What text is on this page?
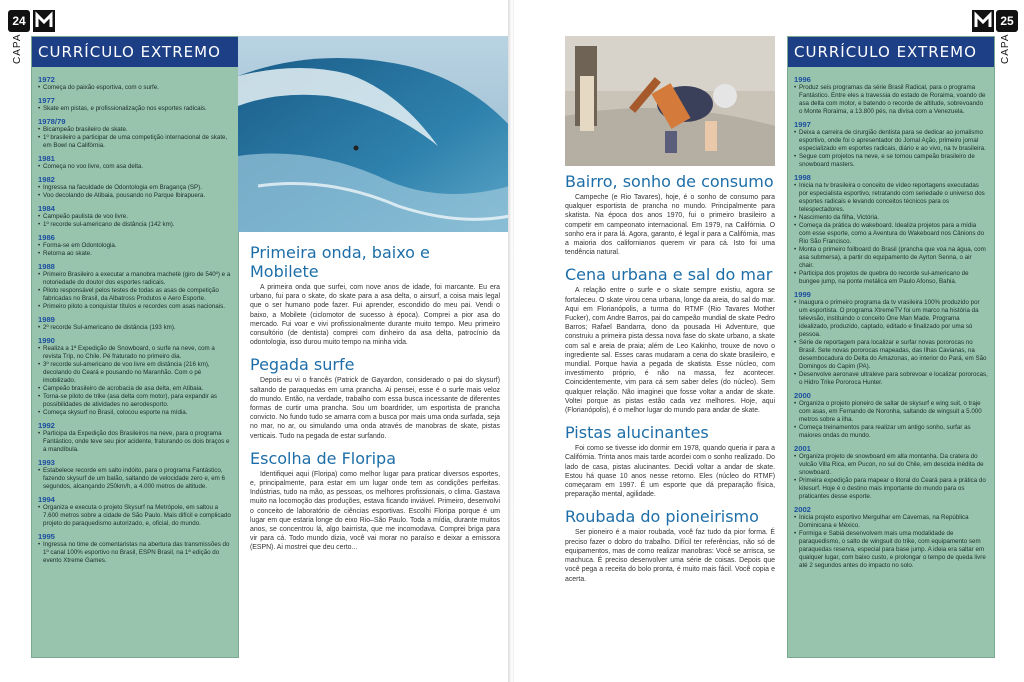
24
CAPA	CURRÍCULO EXTREMO
1972
• Começa do paixão esportiva, com o surfe.
1977
• Skate em pistas, e profissionalização nos esportes radicais.
1978/79
• Bicampeão brasileiro de skate.
• 1º brasileiro a participar de uma competição internacional de skate, em Bowl na Califórnia.
1981
• Começa no voo livre, com asa delta.
1982
• Ingressa na faculdade de Odontologia em Bragança (SP).
• Voo decolando de Atibaia, pousando no Parque Ibirapuera.
1984
• Campeão paulista de voo livre.
• 1º recorde sul-americano de distância (142 km).
1986
• Forma-se em Odontologia.
• Retorna ao skate.
1988
• Primeiro Brasileiro a executar a manobra machetè (giro de 540º) e a notoriedade do doutor dos esportes radicais.
• Piloto responsável pelos testes de todas as asas de competição fabricadas no Brasil, da Albatross Produtos e Aero Esporte.
• Primeiro piloto a conquistar títulos e recordes com asas nacionais.
1989
• 2º recorde Sul-americano de distância (193 km).
1990
• Realiza a 1ª Expedição de Snowboard, o surfe na neve, com a revista Trip, no Chile. Pé fraturado no primeiro dia.
• 3º recorde sul-americano de voo livre em distância (216 km), decolando do Ceará e pousando no Maranhão. Com o pé imobilizado.
• Campeão brasileiro de acrobacia de asa delta, em Atibaia.
• Torna-se piloto de trike (asa delta com motor), para expandir as possibilidades de atividades no aerodesporto.
• Começa skysurf no Brasil, colocou esporte na mídia.
1992
• Participa da Expedição dos Brasileiros na neve, para o programa Fantástico, onde teve seu pior acidente, fraturando os dois braços e a mandíbula.
1993
• Estabelece recorde em salto indóito, para o programa Fantástico, fazendo skysurf de um balão, saltando de velocidade zero e, em 6 segundos, alcançando 250km/h, a 4.000 metros de altitude.
1994
• Organiza e executa o projeto Skysurf na Metrópole, em saltou a 7.600 metros sobre a cidade de São Paulo. Mais difícil e complicado projeto do paraquedismo autorizado, e, oficial, do mundo.
1995
• Ingressa no time de comentaristas na abertura das transmissões do 1º canal 100% esportivo no Brasil, ESPN Brasil, na 1ª edição do evento Xtreme Games.
Primeira onda, baixo e Mobilete

A primeira onda que surfei, com nove anos de idade, foi marcante. Eu era urbano, fui para o skate, do skate para a asa delta, o airsurf, a coisa mais legal que o ser humano pode fazer. Fui aprender, escondido do meu pai. Vendi o baixo, a Mobilete (ciclomotor de sucesso à época). Comprei a pior asa do mercado. Fui voar e vivi profissionalmente durante muito tempo. Meu primeiro consultório (de dentista) comprei com dinheiro da asa delta, patrocínio da odontologia, isso durou muito tempo na minha vida.

Pegada surfe

Depois eu vi o francês (Patrick de Gayardon, considerado o pai do skysurf) saltando de paraquedas em uma prancha. Ai pensei, esse é o surfe mais veloz do mundo. Então, na verdade, trabalho com essa busca incessante de diferentes formas de curtir uma prancha. Sou um boardrider, um esportista de prancha convicto. No fundo tudo se amarra com a busca por mais uma onda surfada, seja no mar, no ar, ou simulando uma onda através de manobras de skate, pistas verticais. Tudo na pegada de estar surfando.

Escolha de Floripa

Identifiquei aqui (Floripa) como melhor lugar para praticar diversos esportes, e, principalmente, para estar em um lugar onde tem as condições perfeitas. Indústrias, tudo na mão, as pessoas, os melhores profissionais, o clima. Gastava muito na locomoção das produções, estava ficando inviável. Primeiro, desenvolvi o conceito de laboratório de ciências esportivas. Escolhi Floripa porque é um lugar em que estaria longe do eixo Rio–São Paulo. Toda a mídia, durante muitos anos, se concentrou lá, algo bairrista, que me incomodava. Comprei briga para vir para cá. Todo mundo dizia, você vai morar no paraíso e deixar a emissora (ESPN). Ai mostrei que deu certo...

Bairro, sonho de consumo

Campeche (e Rio Tavares), hoje, é o sonho de consumo para qualquer esportista de prancha no mundo. Principalmente para skatista. Na época dos anos 1970, fui o primeiro brasileiro a competir em campeonato internacional. Em 1979, na Califórnia. O sonho era ir para lá. Agora, garanto, é legal ir para a Califórnia, mas a maioria dos californianos querem vir para cá. Isto foi uma tendência natural.

Cena urbana e sal do mar

A relação entre o surfe e o skate sempre existiu, agora se fortaleceu. O skate virou cena urbana, longe da areia, do sal do mar. Aqui em Florianópolis, a turma do RTMF (Rio Tavares Mother Fucker), com Andre Barros, pai do campeão mundial de skate Pedro Barros; Rafael Bandarra, dono da pousada Hi Adventure, que construiu a primeira pista dessa nova fase do skate urbano, a skate com sal e areia de praia; além de Leo Kakinho, trouxe de novo o ingrediente sal. Esses caras mudaram a cena do skate brasileiro, e mundial. Porque havia a pegada de skatista. Esse núcleo, com investimento próprio, é não na massa, fez acontecer. Coincidentemente, vim para cá sem saber deles (do núcleo). Sem qualquer relação. Não imaginei que fosse voltar a andar de skate. Voltei porque as pistas estão cada vez melhores. Hoje, aqui (Florianópolis), é o melhor lugar do mundo para andar de skate.

Pistas alucinantes

Foi como se tivesse ido dormir em 1978, quando queria ir para a Califórnia. Trinta anos mais tarde acordei com o sonho realizado. Do lado de casa, pistas alucinantes. Decidi voltar a andar de skate. Estou há quase 10 anos nesse retorno. Eles (núcleo do RTMF) começaram em 1997. É um esporte que dá preparação física, preparação mental, agilidade.

Roubada do pioneirismo

Ser pioneiro é a maior roubada, você faz tudo da pior forma. É preciso fazer o dobro do trabalho. Difícil ter referências, não só de equipamentos, mas de como realizar manobras: Você se arrisca, se machuca. É preciso desenvolver uma série de coisas. Depois que você pega a receita do bolo pronta, é muito mais fácil. Você copia e acerta.

CURRÍCULO EXTREMO
1996
• Produz seis programas da série Brasil Radical, para o programa Fantástico. Entre eles a travessia do estado de Roraima, voando de asa delta com motor, e batendo o recorde de altitude, sobrevoando o Monte Roraima, a 13.800 pés, na divisa com a Venezuela.
1997
• Deixa a carreira de cirurgião dentista para se dedicar ao jornalismo esportivo, onde foi o apresentador do Jornal Ação, primeiro jornal especializado em esportes radicais, diário e ao vivo, na tv brasileira.
• Segue com projetos na neve, e se tornou campeão brasileiro de snowboard masters.
1998
• Inicia na tv brasileira o conceito de vídeo reportagens executadas por especialista esportivo, retratando com seriedade o universo dos esportes radicais e levando conceitos técnicos para os telespectadores.
• Nascimento da filha, Victória.
• Começa da prática do wakeboard. Idealiza projetos para a mídia com esse esporte, como a Aventura do Wakeboard nos Cânions do Rio São Francisco.
• Monta o primeiro foilboard do Brasil (prancha que voa na água, com asa submersa), a partir do equipamento de Ayrton Senna, o air chair.
• Participa dos projetos de quebra do recorde sul-americano de bungee jump, na ponte metálica em Paulo Afonso, Bahia.
1999
• Inaugura o primeiro programa da tv vrasileira 100% produzido por um esportista. O programa XtremeTV foi um marco na história da televisão, instituindo o conceito One Man Made. Programa idealizado, produzido, captado, editado e finalizado por uma só pessoa.
• Série de reportagem para localizar e surfar novas pororocas no Brasil. Sete novas pororocas mapeadas, das Ilhas Cavianas, na desembocadura do Delta do Amazonas, ao interior do Pará, em São Domingos do Capim (PA).
• Desenvolve aeronave ultraleve para sobrevoar e localizar pororocas, o Hidro Trike Pororoca Hunter.
2000
• Organiza o projeto pioneiro de saltar de skysurf e wing suit, o traje com asas, em Fernando de Noronha, saltando de wingsuit a 5.000 metros sobre a ilha.
• Começa treinamentos para realizar um antigo sonho, surfar as maiores ondas do mundo.
2001
• Organiza projeto de snowboard em alta montanha. Da cratera do vulcão Villa Rica, em Pucon, no sul do Chile, em descida inédita de snowboard.
• Primeira expedição para mapear o litoral do Ceará para a prática do kitesurf. Hoje é o destino mais importante do mundo para os praticantes desse esporte.
2002
• Inicia projeto esportivo Mergulhar em Cavernas, na República Dominicana e México.
• Formiga e Sabiá desenvolvem mais uma modalidade de paraquedismo, o salto de wingsuit do trike, com equipamento sem paraquedas reserva, especial para base jump. A ideia era saltar em qualquer lugar, com baixo custo, e prolongar o tempo de queda livre até 2 segundos antes do impacto no solo.
25
CAPA
